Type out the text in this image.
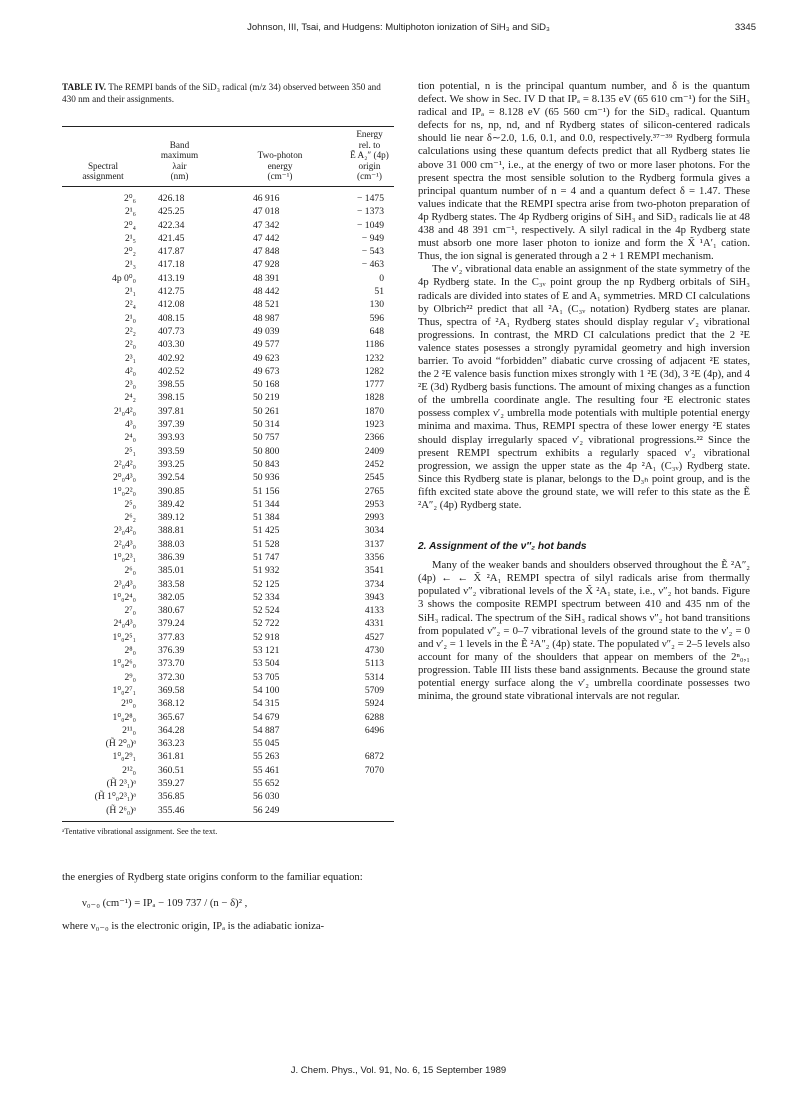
Johnson, III, Tsai, and Hudgens: Multiphoton ionization of SiH₃ and SiD₃	3345
TABLE IV. The REMPI bands of the SiD₃ radical (m/z 34) observed between 350 and 430 nm and their assignments.
Spectral
assignment	Band
maximum
λair
(nm)	Two-photon
energy
(cm⁻¹)	Energy
rel. to
Ẽ A₂″ (4p)
origin
(cm⁻¹)

2⁰₆	426.18	46 916	− 1475
2¹₆	425.25	47 018	− 1373
2⁰₄	422.34	47 342	− 1049
2¹₅	421.45	47 442	− 949
2⁰₂	417.87	47 848	− 543
2¹₃	417.18	47 928	− 463
4p 0⁰₀	413.19	48 391	0
2¹₁	412.75	48 442	51
2²₄	412.08	48 521	130
2¹₀	408.15	48 987	596
2²₂	407.73	49 039	648
2²₀	403.30	49 577	1186
2³₁	402.92	49 623	1232
4²₀	402.52	49 673	1282
2³₀	398.55	50 168	1777
2⁴₂	398.15	50 219	1828
2¹₀4²₀	397.81	50 261	1870
4³₀	397.39	50 314	1923
2⁴₀	393.93	50 757	2366
2⁵₁	393.59	50 800	2409
2²₀4²₀	393.25	50 843	2452
2⁰₀4³₀	392.54	50 936	2545
1⁰₀2²₀	390.85	51 156	2765
2⁵₀	389.42	51 344	2953
2⁶₂	389.12	51 384	2993
2³₀4²₀	388.81	51 425	3034
2²₀4³₀	388.03	51 528	3137
1⁰₀2³₁	386.39	51 747	3356
2⁶₀	385.01	51 932	3541
2³₀4³₀	383.58	52 125	3734
1⁰₀2⁴₀	382.05	52 334	3943
2⁷₀	380.67	52 524	4133
2⁴₀4³₀	379.24	52 722	4331
1⁰₀2⁵₁	377.83	52 918	4527
2⁸₀	376.39	53 121	4730
1⁰₀2⁶₀	373.70	53 504	5113
2⁹₀	372.30	53 705	5314
1⁰₀2⁷₁	369.58	54 100	5709
2¹⁰₀	368.12	54 315	5924
1⁰₀2⁸₀	365.67	54 679	6288
2¹¹₀	364.28	54 887	6496
(H̃ 2⁰₀)ᵃ	363.23	55 045	
1⁰₀2⁹₁	361.81	55 263	6872
2¹²₀	360.51	55 461	7070
(H̃ 2³₁)ᵃ	359.27	55 652	
(H̃ 1⁰₀2³₁)ᵃ	356.85	56 030	
(H̃ 2⁶₀)ᵃ	355.46	56 249	
ᵃTentative vibrational assignment. See the text.

the energies of Rydberg state origins conform to the familiar equation:

ν₀₋₀ (cm⁻¹) = IPₐ − 109 737 / (n − δ)² ,

where ν₀₋₀ is the electronic origin, IPₐ is the adiabatic ioniza-

tion potential, n is the principal quantum number, and δ is the quantum defect. We show in Sec. IV D that IPₐ = 8.135 eV (65 610 cm⁻¹) for the SiH₃ radical and IPₐ = 8.128 eV (65 560 cm⁻¹) for the SiD₃ radical. Quantum defects for ns, np, nd, and nf Rydberg states of silicon-centered radicals should lie near δ∼2.0, 1.6, 0.1, and 0.0, respectively.³⁷⁻³⁹ Rydberg formula calculations using these quantum defects predict that all Rydberg states lie above 31 000 cm⁻¹, i.e., at the energy of two or more laser photons. For the present spectra the most sensible solution to the Rydberg formula gives a principal quantum number of n = 4 and a quantum defect δ = 1.47. These values indicate that the REMPI spectra arise from two-photon preparation of 4p Rydberg states. The 4p Rydberg origins of SiH₃ and SiD₃ radicals lie at 48 438 and 48 391 cm⁻¹, respectively. A silyl radical in the 4p Rydberg state must absorb one more laser photon to ionize and form the X̃ ¹A′₁ cation. Thus, the ion signal is generated through a 2 + 1 REMPI mechanism.

The ν′₂ vibrational data enable an assignment of the state symmetry of the 4p Rydberg state. In the C₃ᵥ point group the np Rydberg orbitals of SiH₃ radicals are divided into states of E and A₁ symmetries. MRD CI calculations by Olbrich²² predict that all ²A₁ (C₃ᵥ notation) Rydberg states are planar. Thus, spectra of ²A₁ Rydberg states should display regular ν′₂ vibrational progressions. In contrast, the MRD CI calculations predict that the 2 ²E valence states posesses a strongly pyramidal geometry and high inversion barrier. To avoid “forbidden” diabatic curve crossing of adjacent ²E states, the 2 ²E valence basis function mixes strongly with 1 ²E (3d), 3 ²E (4p), and 4 ²E (3d) Rydberg basis functions. The amount of mixing changes as a function of the umbrella coordinate angle. The resulting four ²E electronic states possess complex ν′₂ umbrella mode potentials with multiple potential energy minima and maxima. Thus, REMPI spectra of these lower energy ²E states should display irregularly spaced ν′₂ vibrational progressions.²² Since the present REMPI spectrum exhibits a regularly spaced ν′₂ vibrational progression, we assign the upper state as the 4p ²A₁ (C₃ᵥ) Rydberg state. Since this Rydberg state is planar, belongs to the D₃ₕ point group, and is the fifth excited state above the ground state, we will refer to this state as the Ẽ ²A″₂ (4p) Rydberg state.

2. Assignment of the ν″₂ hot bands

Many of the weaker bands and shoulders observed throughout the Ẽ ²A″₂ (4p) ← ← X̃ ²A₁ REMPI spectra of silyl radicals arise from thermally populated ν″₂ vibrational levels of the X̃ ²A₁ state, i.e., ν″₂ hot bands. Figure 3 shows the composite REMPI spectrum between 410 and 435 nm of the SiH₃ radical. The spectrum of the SiH₃ radical shows ν″₂ hot band transitions from populated ν″₂ = 0–7 vibrational levels of the ground state to the ν′₂ = 0 and ν′₂ = 1 levels in the Ẽ ²A″₂ (4p) state. The populated ν″₂ = 2–5 levels also account for many of the shoulders that appear on members of the 2ⁿ₀,₁ progression. Table III lists these band assignments. Because the ground state potential energy surface along the ν′₂ umbrella coordinate possesses two minima, the ground state vibrational intervals are not regular.

J. Chem. Phys., Vol. 91, No. 6, 15 September 1989
